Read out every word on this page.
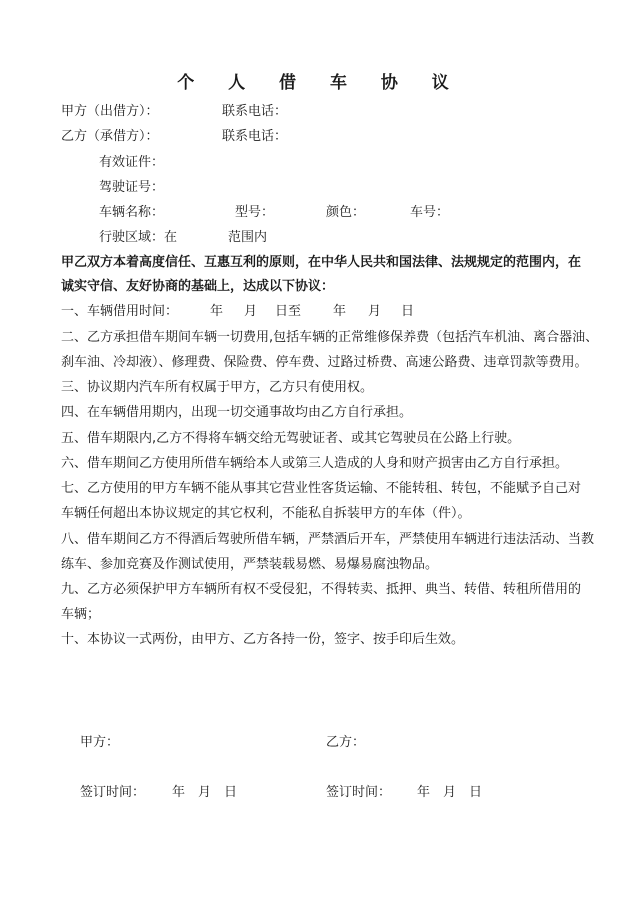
个 人 借 车 协 议
甲方（出借方）：	联系电话：
乙方（承借方）：	联系电话：
有效证件：
驾驶证号：
车辆名称：	型号：	颜色：	车号：
行驶区域：在	范围内
甲乙双方本着高度信任、互惠互利的原则，在中华人民共和国法律、法规规定的范围内，在
诚实守信、友好协商的基础上，达成以下协议：
一、车辆借用时间： 年 月 日至 年 月 日
二、乙方承担借车期间车辆一切费用,包括车辆的正常维修保养费（包括汽车机油、离合器油、
刹车油、冷却液）、修理费、保险费、停车费、过路过桥费、高速公路费、违章罚款等费用。
三、协议期内汽车所有权属于甲方，乙方只有使用权。
四、在车辆借用期内，出现一切交通事故均由乙方自行承担。
五、借车期限内,乙方不得将车辆交给无驾驶证者、或其它驾驶员在公路上行驶。
六、借车期间乙方使用所借车辆给本人或第三人造成的人身和财产损害由乙方自行承担。
七、乙方使用的甲方车辆不能从事其它营业性客货运输、不能转租、转包，不能赋予自己对
车辆任何超出本协议规定的其它权利，不能私自拆装甲方的车体（件）。
八、借车期间乙方不得酒后驾驶所借车辆，严禁酒后开车，严禁使用车辆进行违法活动、当教
练车、参加竞赛及作测试使用，严禁装载易燃、易爆易腐浊物品。
九、乙方必须保护甲方车辆所有权不受侵犯，不得转卖、抵押、典当、转借、转租所借用的
车辆；
十、本协议一式两份，由甲方、乙方各持一份，签字、按手印后生效。
甲方：	乙方：
签订时间： 年 月 日	签订时间： 年 月 日
